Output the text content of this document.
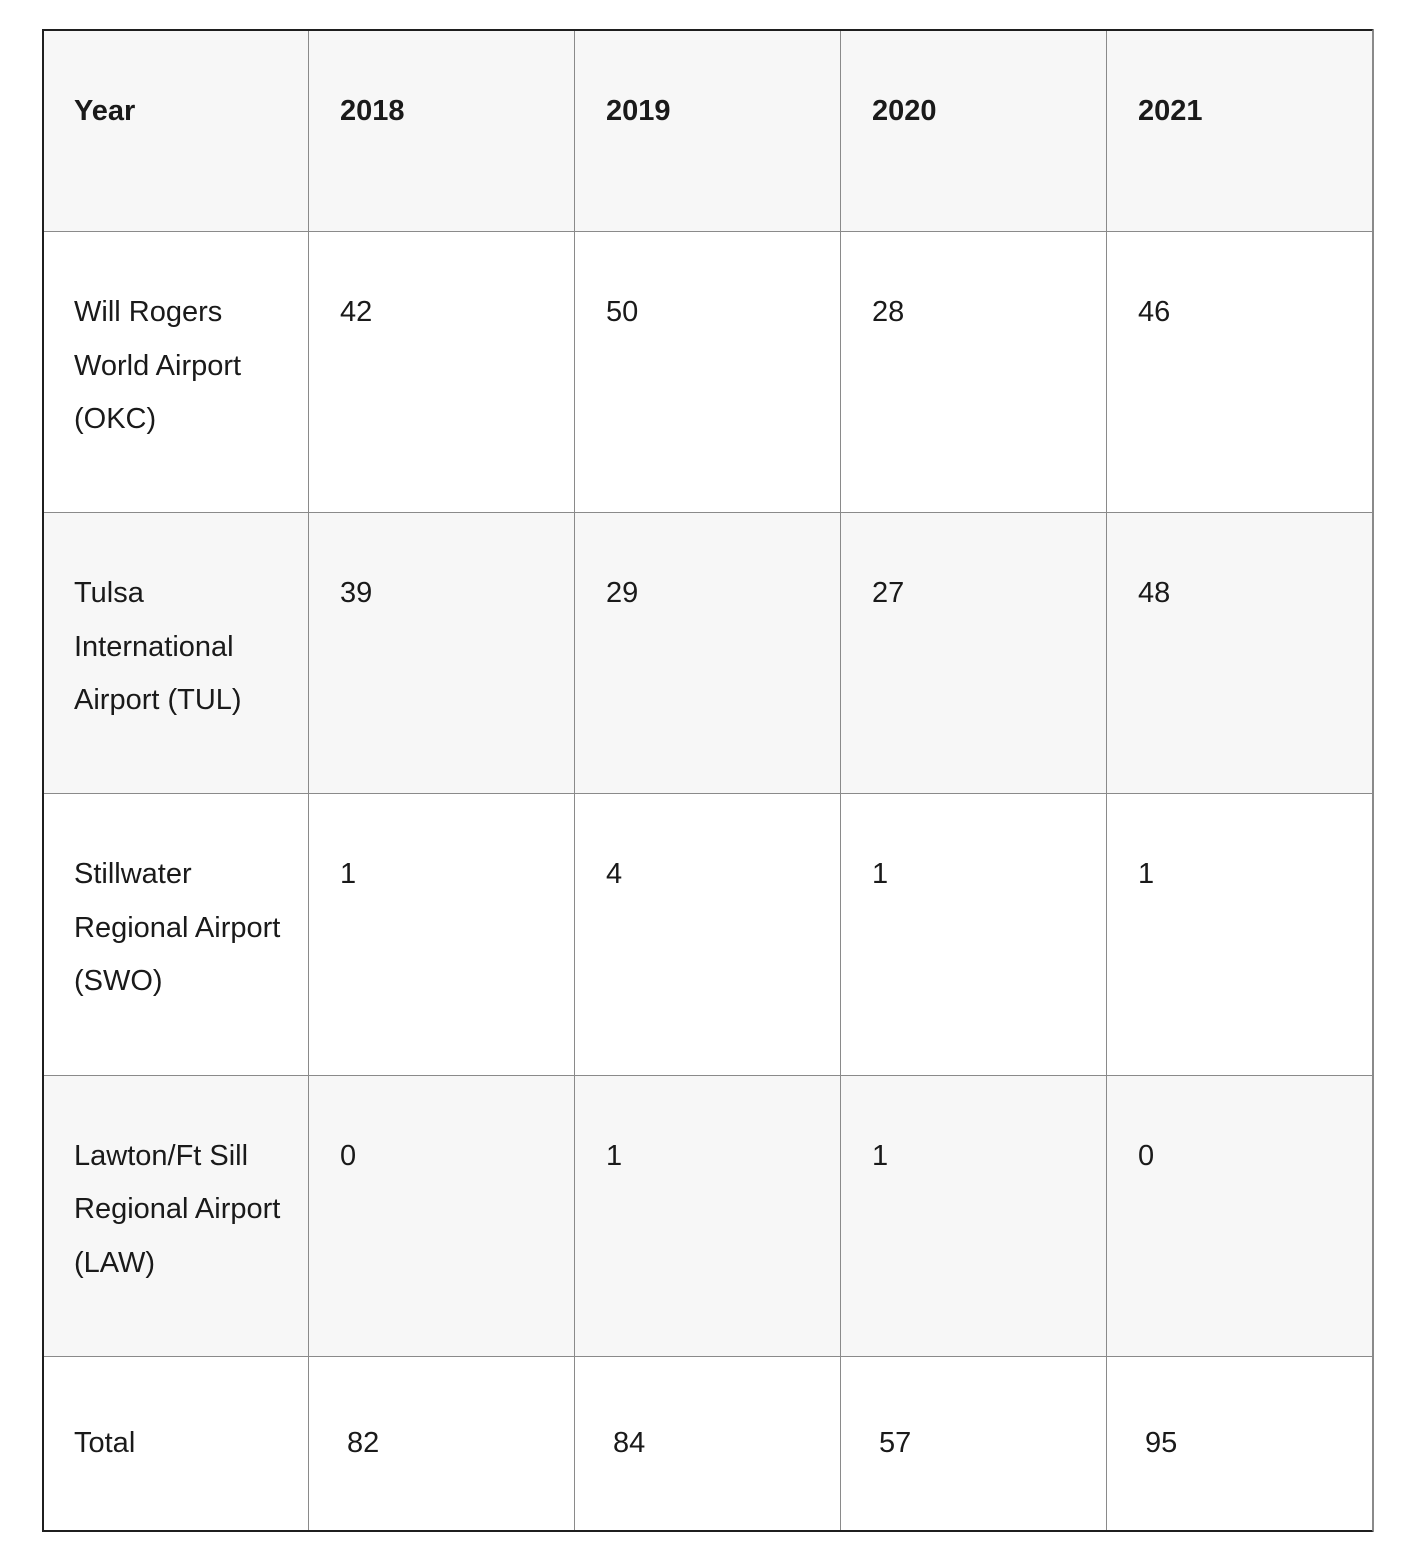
Year	2018	2019	2020	2021
Will Rogers World Airport (OKC)	42	50	28	46
Tulsa International Airport (TUL)	39	29	27	48
Stillwater Regional Airport (SWO)	1	4	1	1
Lawton/Ft Sill Regional Airport (LAW)	0	1	1	0
Total	82	84	57	95
